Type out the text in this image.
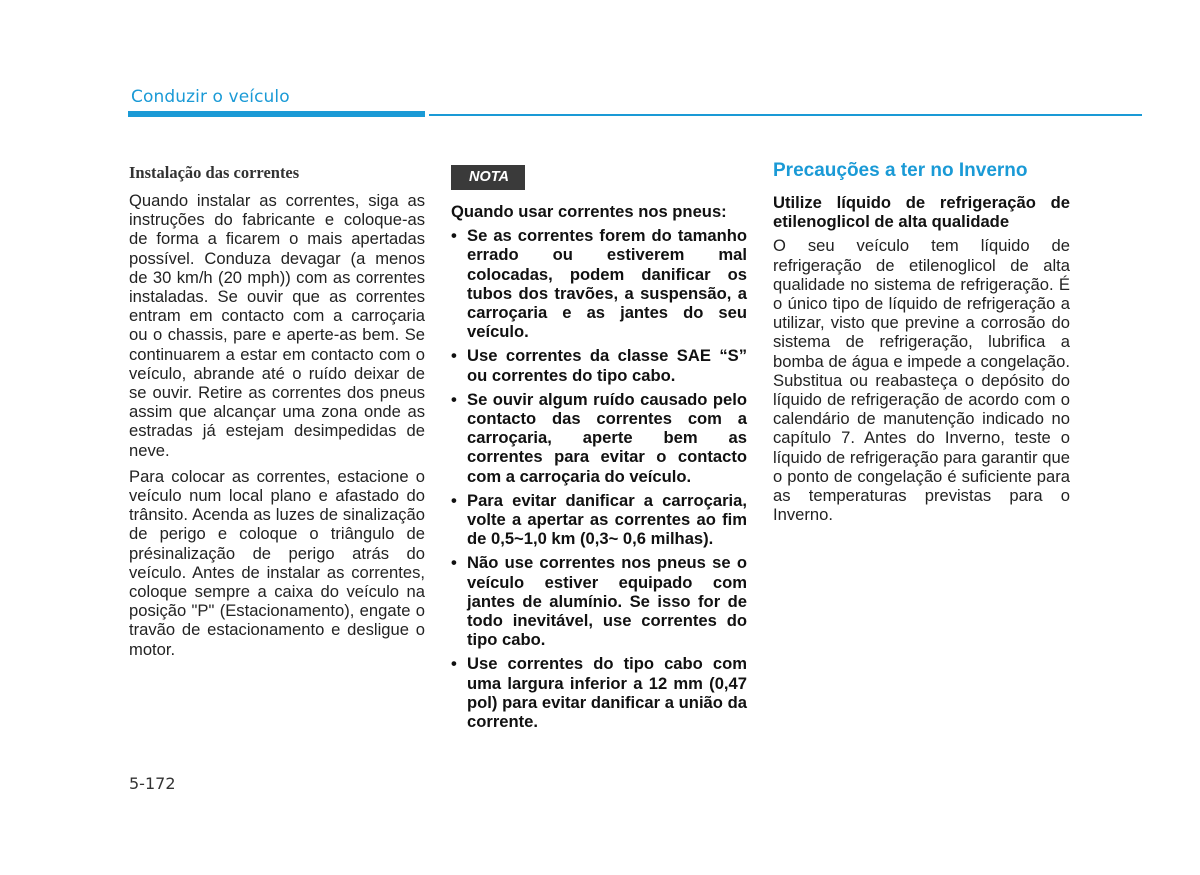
Conduzir o veículo
Instalação das correntes

Quando instalar as correntes, siga as instruções do fabricante e coloque-as de forma a ficarem o mais apertadas possível. Conduza devagar (a menos de 30 km/h (20 mph)) com as correntes instaladas. Se ouvir que as correntes entram em contacto com a carroçaria ou o chassis, pare e aperte-as bem. Se continuarem a estar em contacto com o veículo, abrande até o ruído deixar de se ouvir. Retire as correntes dos pneus assim que alcançar uma zona onde as estradas já estejam desimpedidas de neve.

Para colocar as correntes, estacione o veículo num local plano e afastado do trânsito. Acenda as luzes de sinalização de perigo e coloque o triângulo de présinalização de perigo atrás do veículo. Antes de instalar as correntes, coloque sempre a caixa do veículo na posição "P" (Estacionamento), engate o travão de estacionamento e desligue o motor.

NOTA

Quando usar correntes nos pneus:

• Se as correntes forem do tamanho errado ou estiverem mal colocadas, podem danificar os tubos dos travões, a suspensão, a carroçaria e as jantes do seu veículo.
• Use correntes da classe SAE “S” ou correntes do tipo cabo.
• Se ouvir algum ruído causado pelo contacto das correntes com a carroçaria, aperte bem as correntes para evitar o contacto com a carroçaria do veículo.
• Para evitar danificar a carroçaria, volte a apertar as correntes ao fim de 0,5~1,0 km (0,3~ 0,6 milhas).
• Não use correntes nos pneus se o veículo estiver equipado com jantes de alumínio. Se isso for de todo inevitável, use correntes do tipo cabo.
• Use correntes do tipo cabo com uma largura inferior a 12 mm (0,47 pol) para evitar danificar a união da corrente.
Precauções a ter no Inverno
Utilize líquido de refrigeração de etilenoglicol de alta qualidade

O seu veículo tem líquido de refrigeração de etilenoglicol de alta qualidade no sistema de refrigeração. É o único tipo de líquido de refrigeração a utilizar, visto que previne a corrosão do sistema de refrigeração, lubrifica a bomba de água e impede a congelação. Substitua ou reabasteça o depósito do líquido de refrigeração de acordo com o calendário de manutenção indicado no capítulo 7. Antes do Inverno, teste o líquido de refrigeração para garantir que o ponto de congelação é suficiente para as temperaturas previstas para o Inverno.

5-172
